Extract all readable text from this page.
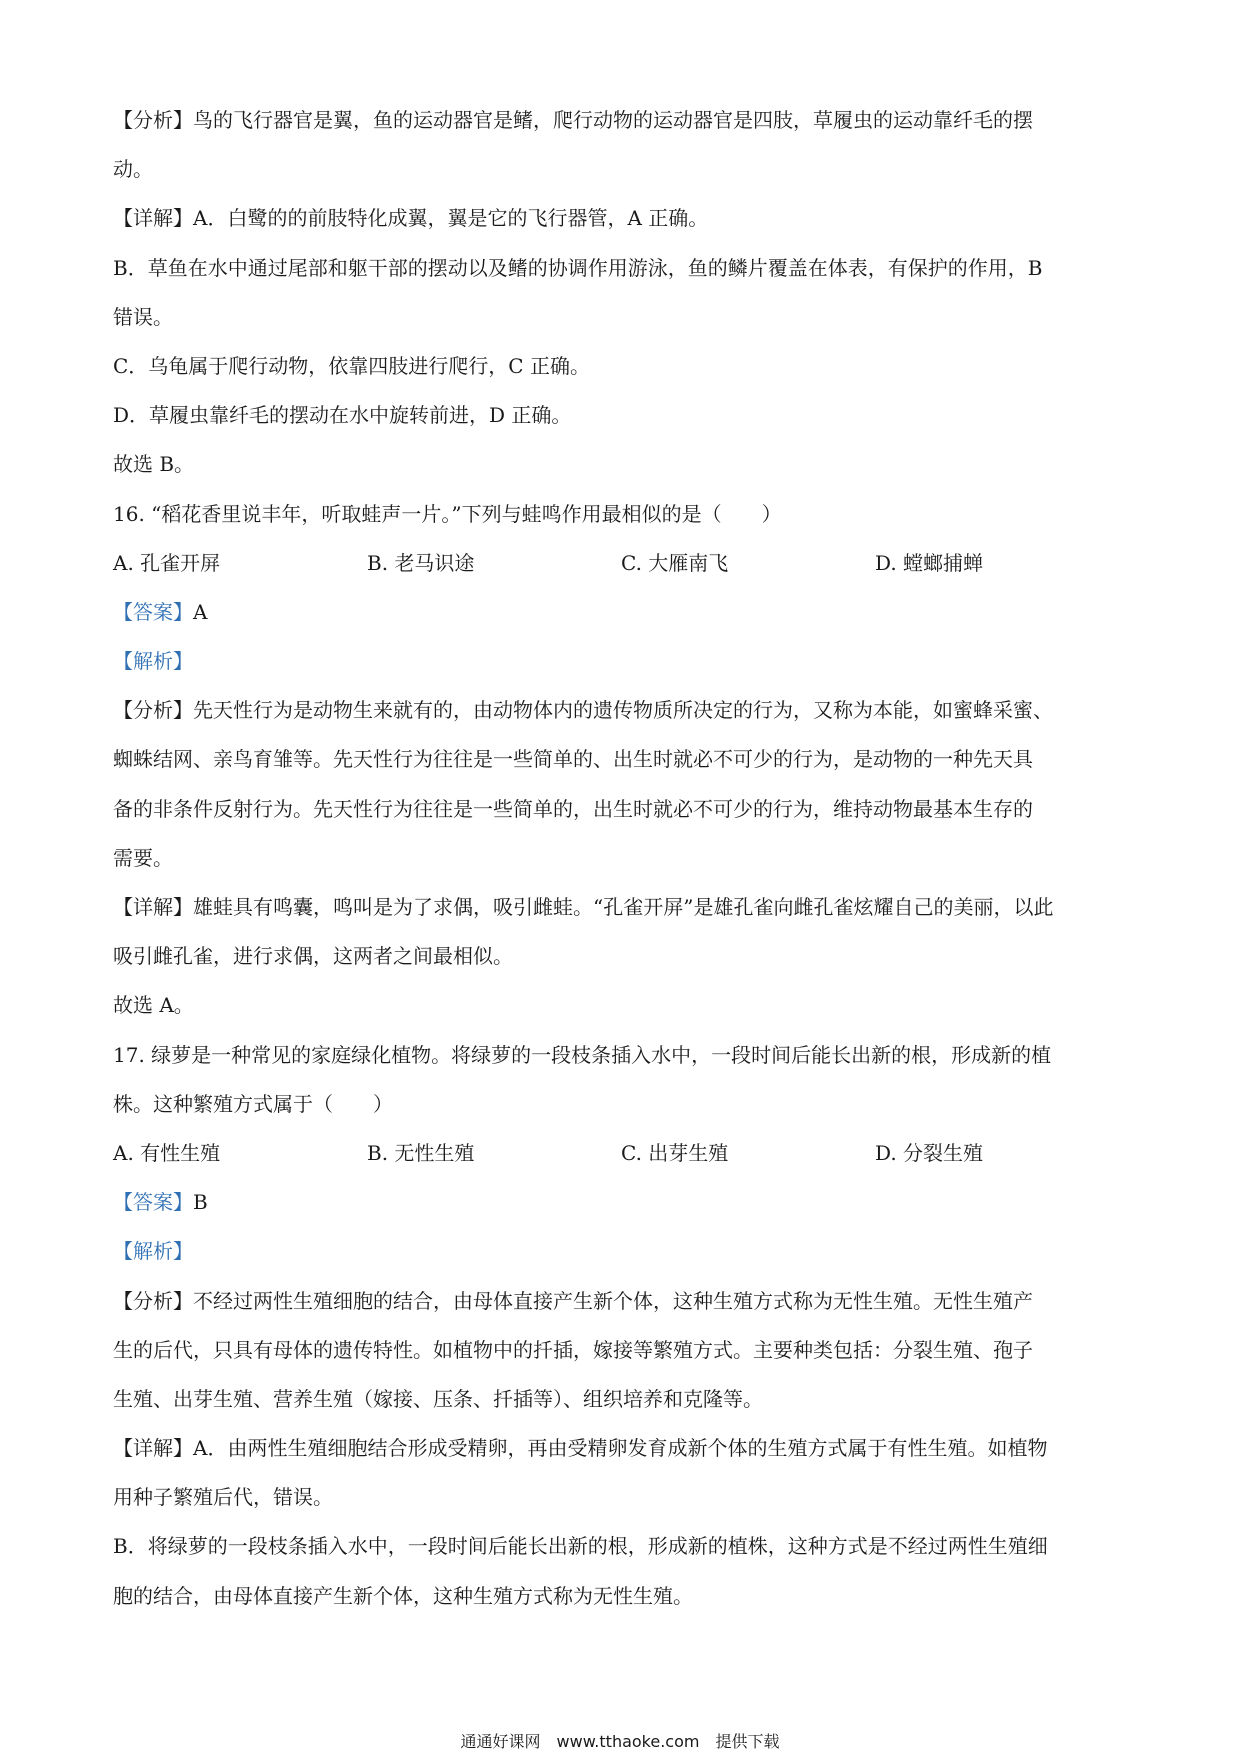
【分析】鸟的飞行器官是翼，鱼的运动器官是鳍，爬行动物的运动器官是四肢，草履虫的运动靠纤毛的摆
动。
【详解】A．白鹭的的前肢特化成翼，翼是它的飞行器管，A 正确。
B．草鱼在水中通过尾部和躯干部的摆动以及鳍的协调作用游泳，鱼的鳞片覆盖在体表，有保护的作用，B
错误。
C．乌龟属于爬行动物，依靠四肢进行爬行，C 正确。
D．草履虫靠纤毛的摆动在水中旋转前进，D 正确。
故选 B。
16. “稻花香里说丰年，听取蛙声一片。”下列与蛙鸣作用最相似的是（　　）
A. 孔雀开屏	B. 老马识途	C. 大雁南飞	D. 螳螂捕蝉
【答案】A
【解析】
【分析】先天性行为是动物生来就有的，由动物体内的遗传物质所决定的行为，又称为本能，如蜜蜂采蜜、
蜘蛛结网、亲鸟育雏等。先天性行为往往是一些简单的、出生时就必不可少的行为，是动物的一种先天具
备的非条件反射行为。先天性行为往往是一些简单的，出生时就必不可少的行为，维持动物最基本生存的
需要。
【详解】雄蛙具有鸣囊，鸣叫是为了求偶，吸引雌蛙。“孔雀开屏”是雄孔雀向雌孔雀炫耀自己的美丽，以此
吸引雌孔雀，进行求偶，这两者之间最相似。
故选 A。
17. 绿萝是一种常见的家庭绿化植物。将绿萝的一段枝条插入水中，一段时间后能长出新的根，形成新的植
株。这种繁殖方式属于（　　）
A. 有性生殖	B. 无性生殖	C. 出芽生殖	D. 分裂生殖
【答案】B
【解析】
【分析】不经过两性生殖细胞的结合，由母体直接产生新个体，这种生殖方式称为无性生殖。无性生殖产
生的后代，只具有母体的遗传特性。如植物中的扦插，嫁接等繁殖方式。主要种类包括：分裂生殖、孢子
生殖、出芽生殖、营养生殖（嫁接、压条、扦插等）、组织培养和克隆等。
【详解】A．由两性生殖细胞结合形成受精卵，再由受精卵发育成新个体的生殖方式属于有性生殖。如植物
用种子繁殖后代，错误。
B．将绿萝的一段枝条插入水中，一段时间后能长出新的根，形成新的植株，这种方式是不经过两性生殖细
胞的结合，由母体直接产生新个体，这种生殖方式称为无性生殖。
通通好课网　www.tthaoke.com　提供下载
